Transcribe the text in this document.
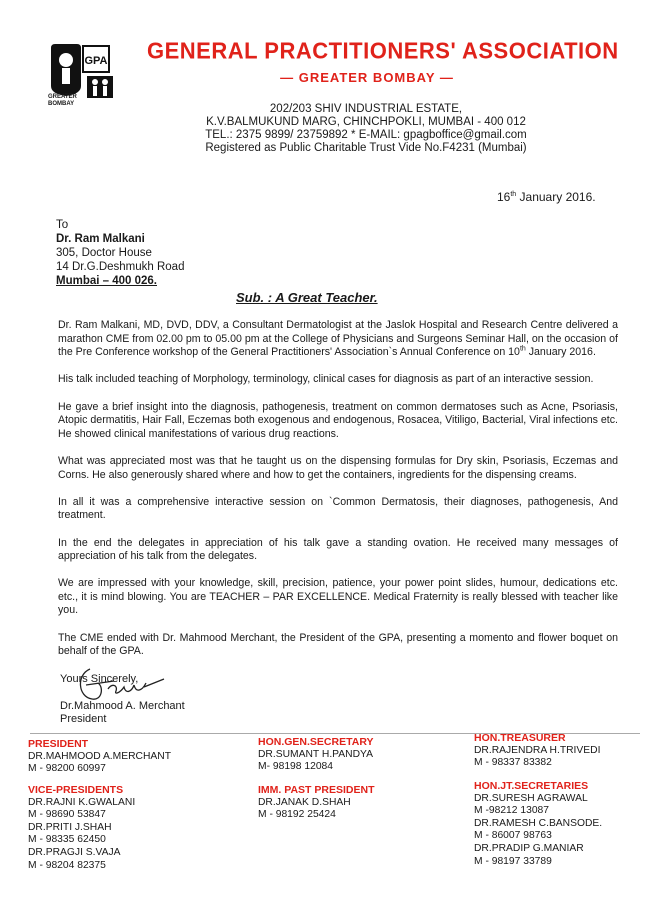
GPA
GREATER BOMBAY
GENERAL PRACTITIONERS' ASSOCIATION
— GREATER BOMBAY —
202/203 SHIV INDUSTRIAL ESTATE,
K.V.BALMUKUND MARG, CHINCHPOKLI, MUMBAI - 400 012
TEL.: 2375 9899/ 23759892 * E-MAIL: gpagboffice@gmail.com
Registered as Public Charitable Trust Vide No.F4231 (Mumbai)
16th January 2016.
To
Dr. Ram Malkani
305, Doctor House
14 Dr.G.Deshmukh Road
Mumbai – 400 026.
Sub. : A Great Teacher.

Dr. Ram Malkani, MD, DVD, DDV, a Consultant Dermatologist at the Jaslok Hospital and Research Centre delivered a marathon CME from 02.00 pm to 05.00 pm at the College of Physicians and Surgeons Seminar Hall, on the occasion of the Pre Conference workshop of the General Practitioners' Association`s Annual Conference on 10th January 2016.

His talk included teaching of Morphology, terminology, clinical cases for diagnosis as part of an interactive session.

He gave a brief insight into the diagnosis, pathogenesis, treatment on common dermatoses such as Acne, Psoriasis, Atopic dermatitis, Hair Fall, Eczemas both exogenous and endogenous, Rosacea, Vitiligo, Bacterial, Viral infections etc. He showed clinical manifestations of various drug reactions.

What was appreciated most was that he taught us on the dispensing formulas for Dry skin, Psoriasis, Eczemas and Corns. He also generously shared where and how to get the containers, ingredients for the dispensing creams.

In all it was a comprehensive interactive session on `Common Dermatosis, their diagnoses, pathogenesis, And treatment.

In the end the delegates in appreciation of his talk gave a standing ovation. He received many messages of appreciation of his talk from the delegates.

We are impressed with your knowledge, skill, precision, patience, your power point slides, humour, dedications etc. etc., it is mind blowing. You are TEACHER – PAR EXCELLENCE. Medical Fraternity is really blessed with teacher like you.

The CME ended with Dr. Mahmood Merchant, the President of the GPA, presenting a momento and flower boquet on behalf of the GPA.

Yours Sincerely,
Dr.Mahmood A. Merchant
President
PRESIDENT
DR.MAHMOOD A.MERCHANT
M - 98200 60997
HON.GEN.SECRETARY
DR.SUMANT H.PANDYA
M- 98198 12084
HON.TREASURER
DR.RAJENDRA H.TRIVEDI
M - 98337 83382
VICE-PRESIDENTS
DR.RAJNI K.GWALANI
M - 98690 53847
DR.PRITI J.SHAH
M - 98335 62450
DR.PRAGJI S.VAJA
M - 98204 82375
IMM. PAST PRESIDENT
DR.JANAK D.SHAH
M - 98192 25424
HON.JT.SECRETARIES
DR.SURESH AGRAWAL
M -98212 13087
DR.RAMESH C.BANSODE.
M - 86007 98763
DR.PRADIP G.MANIAR
M - 98197 33789
